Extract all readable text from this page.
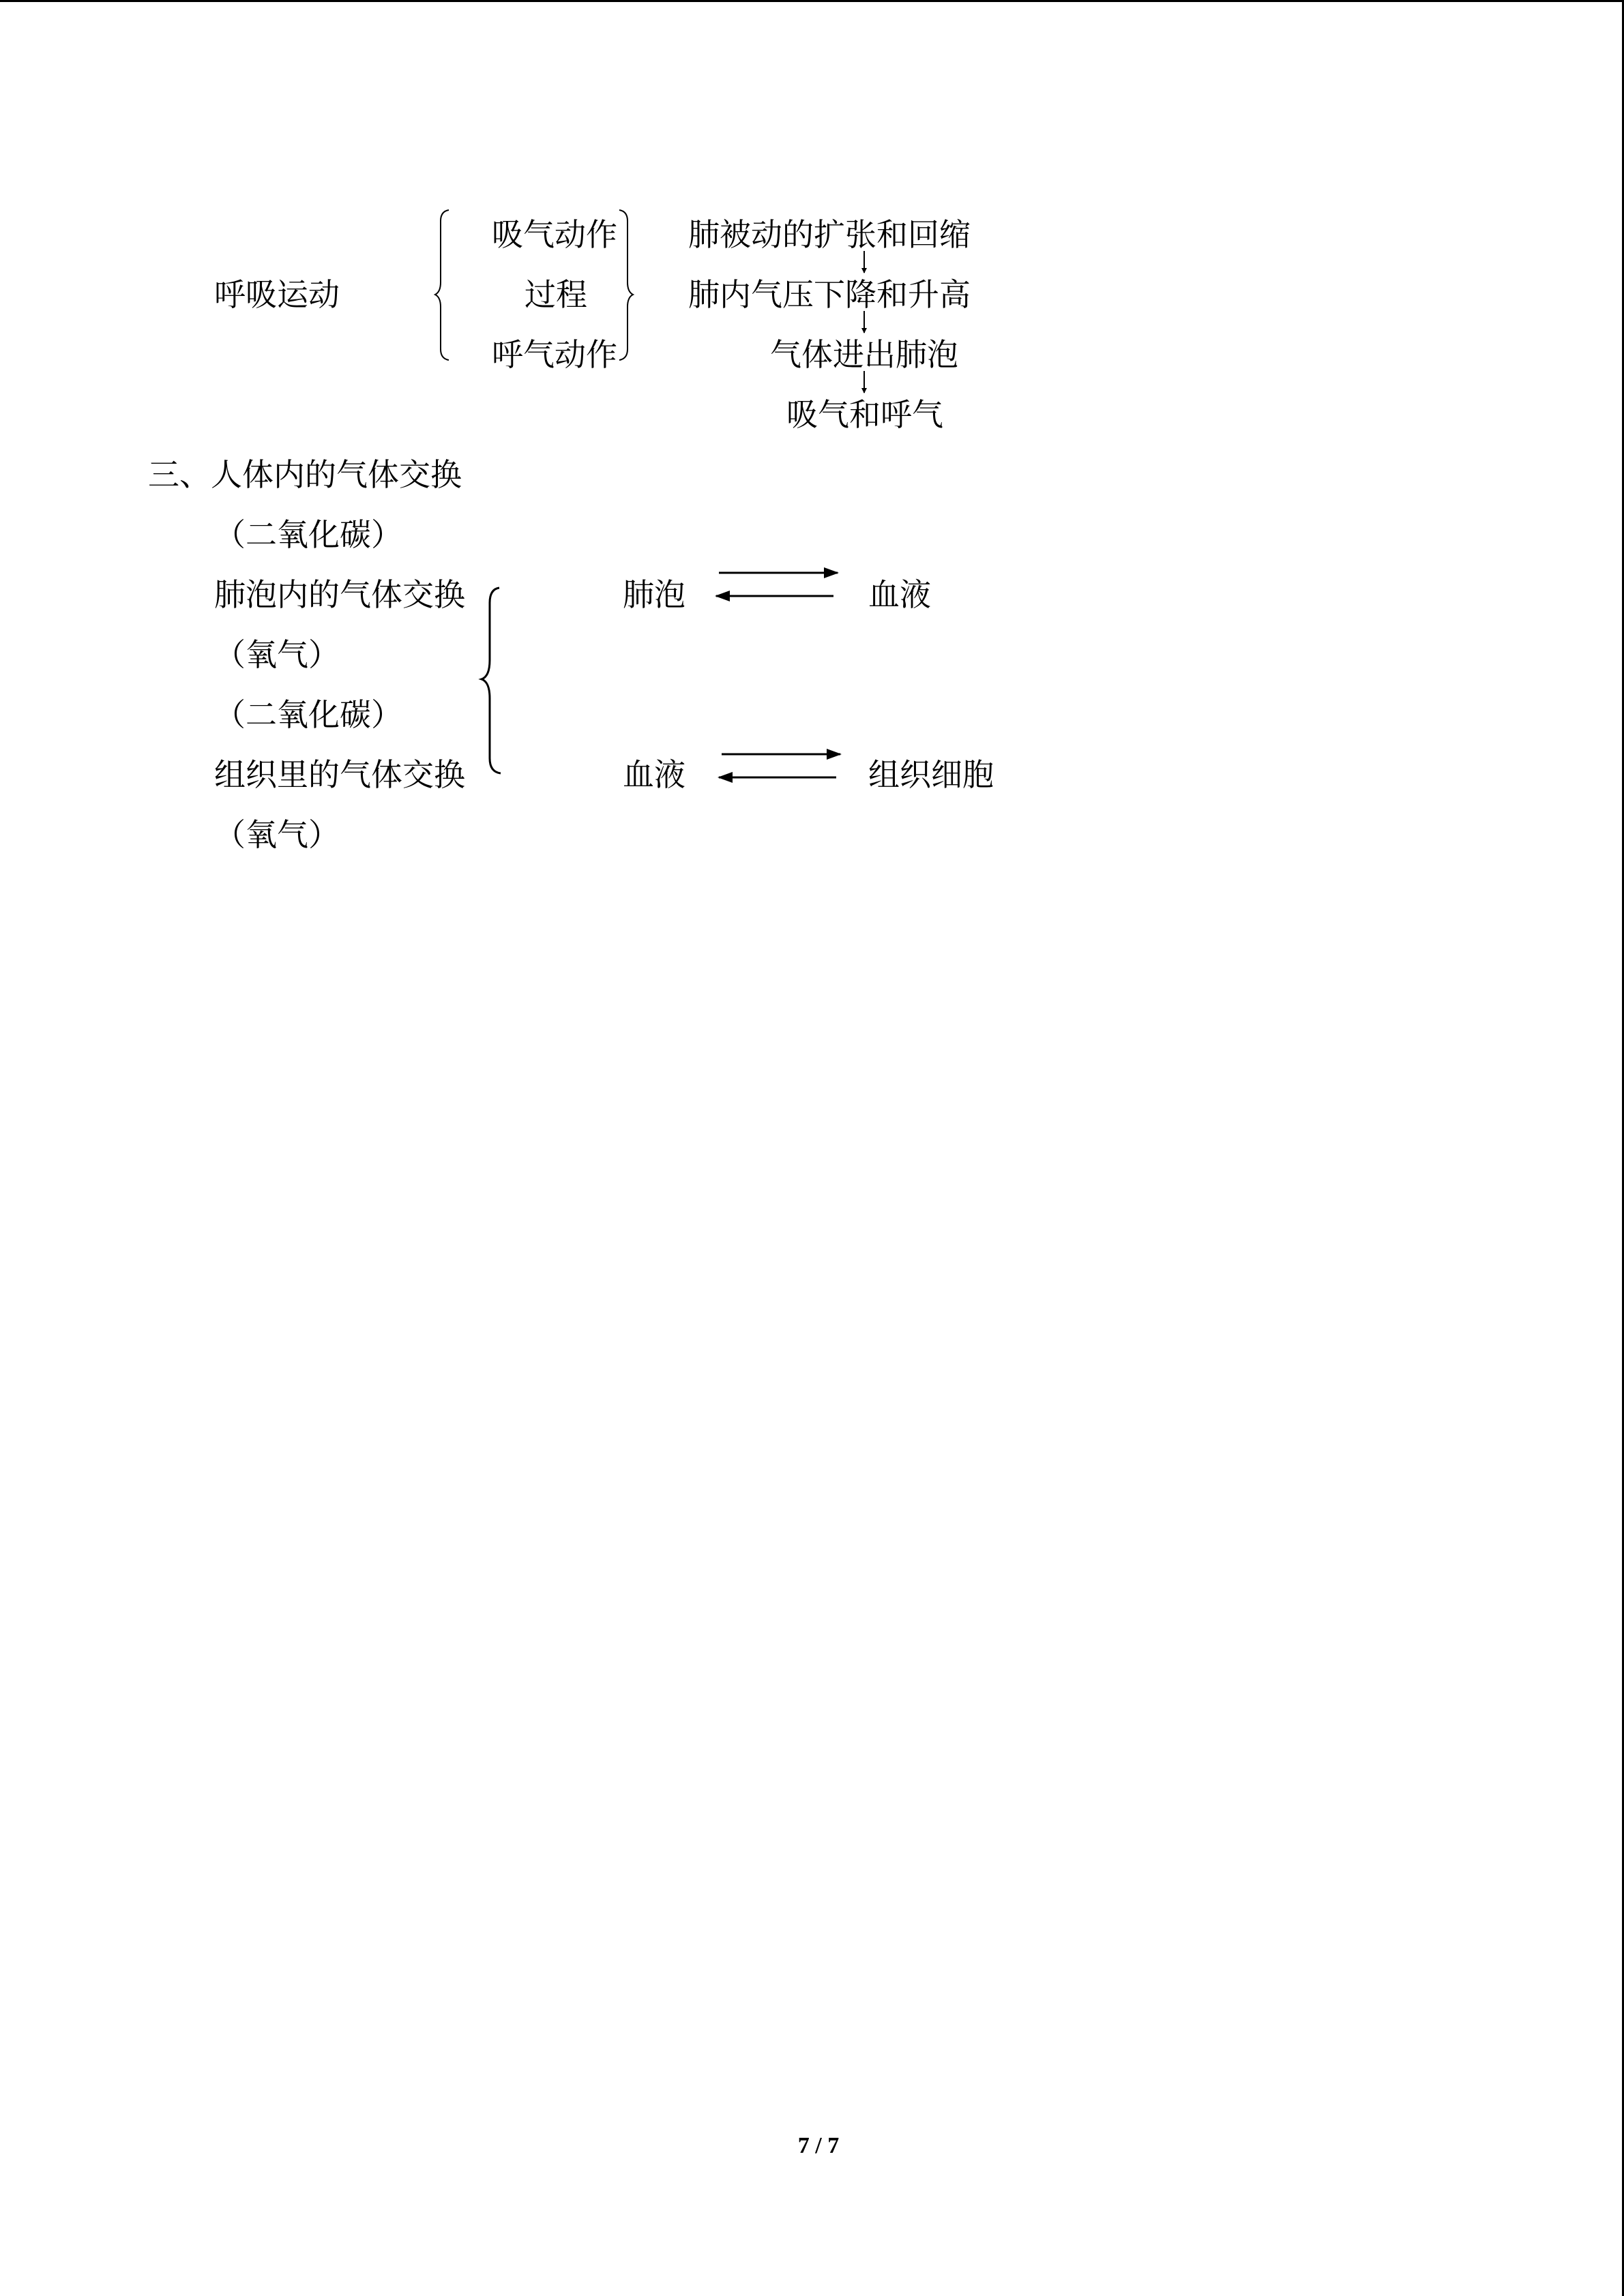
呼吸运动
吸气动作
过程
呼气动作
肺被动的扩张和回缩
肺内气压下降和升高
气体进出肺泡
吸气和呼气
三、人体内的气体交换
（二氧化碳）
肺泡内的气体交换
（氧气）
肺泡	血液
（二氧化碳）
组织里的气体交换
（氧气）
血液	组织细胞
7 / 7
